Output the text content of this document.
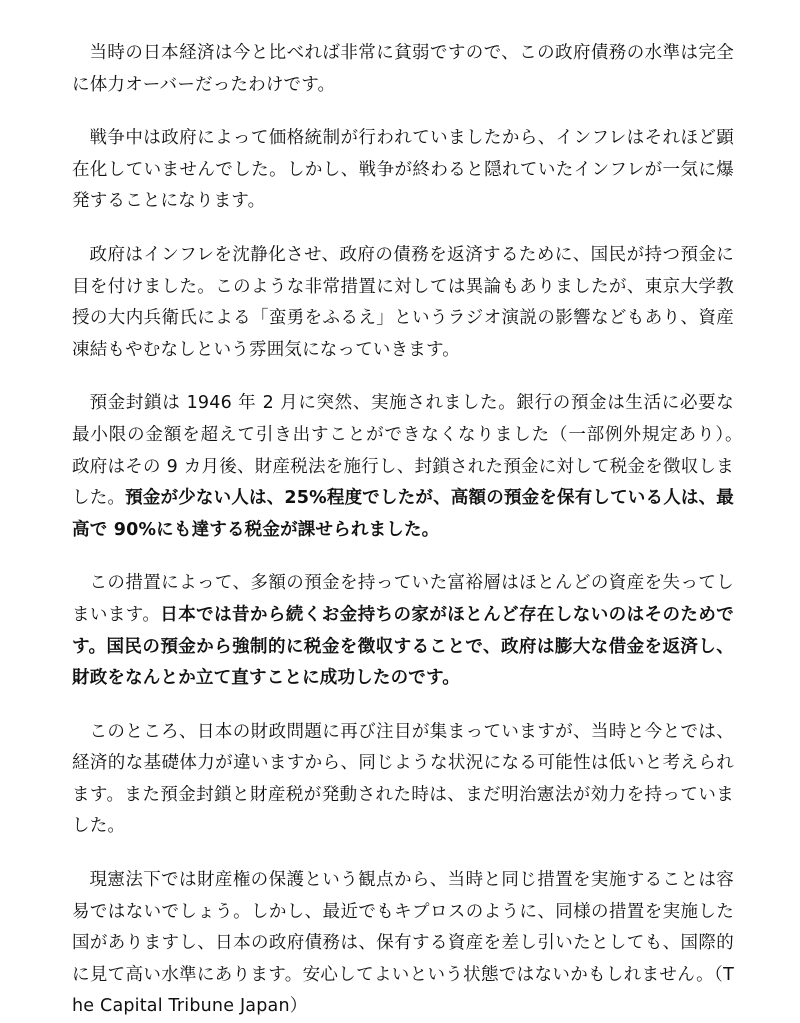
当時の日本経済は今と比べれば非常に貧弱ですので、この政府債務の水準は完全に体力オーバーだったわけです。

戦争中は政府によって価格統制が行われていましたから、インフレはそれほど顕在化していませんでした。しかし、戦争が終わると隠れていたインフレが一気に爆発することになります。

政府はインフレを沈静化させ、政府の債務を返済するために、国民が持つ預金に目を付けました。このような非常措置に対しては異論もありましたが、東京大学教授の大内兵衛氏による「蛮勇をふるえ」というラジオ演説の影響などもあり、資産凍結もやむなしという雰囲気になっていきます。

預金封鎖は 1946 年 2 月に突然、実施されました。銀行の預金は生活に必要な最小限の金額を超えて引き出すことができなくなりました（一部例外規定あり）。　　政府はその 9 カ月後、財産税法を施行し、封鎖された預金に対して税金を徴収しました。預金が少ない人は、25%程度でしたが、高額の預金を保有している人は、最高で 90%にも達する税金が課せられました。

この措置によって、多額の預金を持っていた富裕層はほとんどの資産を失ってしまいます。日本では昔から続くお金持ちの家がほとんど存在しないのはそのためです。国民の預金から強制的に税金を徴収することで、政府は膨大な借金を返済し、財政をなんとか立て直すことに成功したのです。

このところ、日本の財政問題に再び注目が集まっていますが、当時と今とでは、経済的な基礎体力が違いますから、同じような状況になる可能性は低いと考えられます。また預金封鎖と財産税が発動された時は、まだ明治憲法が効力を持っていました。

現憲法下では財産権の保護という観点から、当時と同じ措置を実施することは容易ではないでしょう。しかし、最近でもキプロスのように、同様の措置を実施した国がありますし、日本の政府債務は、保有する資産を差し引いたとしても、国際的に見て高い水準にあります。安心してよいという状態ではないかもしれません。（The Capital Tribune Japan）
